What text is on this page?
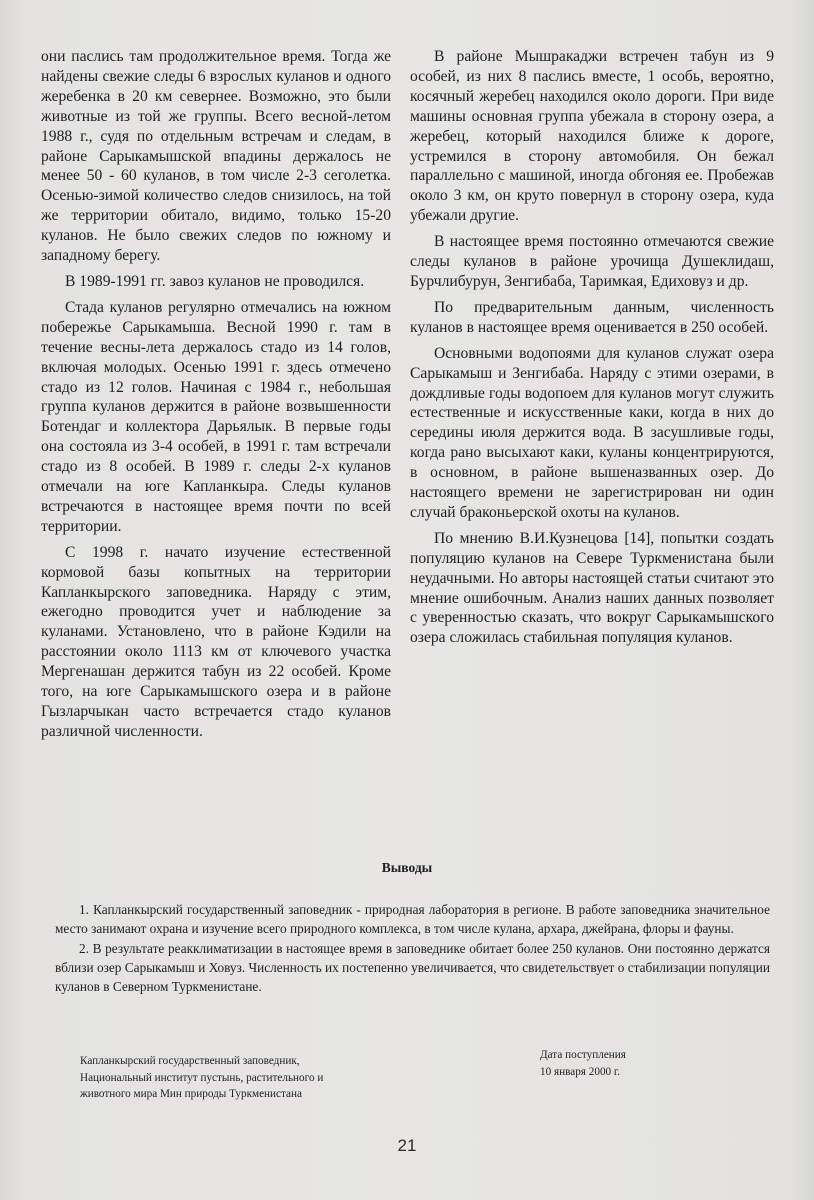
они паслись там продолжительное время. Тогда же найдены свежие следы 6 взрослых куланов и одного жеребенка в 20 км севернее. Возможно, это были животные из той же группы. Всего весной-летом 1988 г., судя по отдельным встречам и следам, в районе Сарыкамышской впадины держалось не менее 50 - 60 куланов, в том числе 2-3 сеголетка. Осенью-зимой количество следов снизилось, на той же территории обитало, видимо, только 15-20 куланов. Не было свежих следов по южному и западному берегу.

В 1989-1991 гг. завоз куланов не проводился.

Стада куланов регулярно отмечались на южном побережье Сарыкамыша. Весной 1990 г. там в течение весны-лета держалось стадо из 14 голов, включая молодых. Осенью 1991 г. здесь отмечено стадо из 12 голов. Начиная с 1984 г., небольшая группа куланов держится в районе возвышенности Ботендаг и коллектора Дарьялык. В первые годы она состояла из 3-4 особей, в 1991 г. там встречали стадо из 8 особей. В 1989 г. следы 2-х куланов отмечали на юге Капланкыра. Следы куланов встречаются в настоящее время почти по всей территории.

С 1998 г. начато изучение естественной кормовой базы копытных на территории Капланкырского заповедника. Наряду с этим, ежегодно проводится учет и наблюдение за куланами. Установлено, что в районе Кэдили на расстоянии около 1113 км от ключевого участка Мергенашан держится табун из 22 особей. Кроме того, на юге Сарыкамышского озера и в районе Гызларчыкан часто встречается стадо куланов различной численности.

В районе Мышракаджи встречен табун из 9 особей, из них 8 паслись вместе, 1 особь, вероятно, косячный жеребец находился около дороги. При виде машины основная группа убежала в сторону озера, а жеребец, который находился ближе к дороге, устремился в сторону автомобиля. Он бежал параллельно с машиной, иногда обгоняя ее. Пробежав около 3 км, он круто повернул в сторону озера, куда убежали другие.

В настоящее время постоянно отмечаются свежие следы куланов в районе урочища Душеклидаш, Бурчлибурун, Зенгибаба, Таримкая, Едиховуз и др.

По предварительным данным, численность куланов в настоящее время оценивается в 250 особей.

Основными водопоями для куланов служат озера Сарыкамыш и Зенгибаба. Наряду с этими озерами, в дождливые годы водопоем для куланов могут служить естественные и искусственные каки, когда в них до середины июля держится вода. В засушливые годы, когда рано высыхают каки, куланы концентрируются, в основном, в районе вышеназванных озер. До настоящего времени не зарегистрирован ни один случай браконьерской охоты на куланов.

По мнению В.И.Кузнецова [14], попытки создать популяцию куланов на Севере Туркменистана были неудачными. Но авторы настоящей статьи считают это мнение ошибочным. Анализ наших данных позволяет с уверенностью сказать, что вокруг Сарыкамышского озера сложилась стабильная популяция куланов.

Выводы

1. Капланкырский государственный заповедник - природная лаборатория в регионе. В работе заповедника значительное место занимают охрана и изучение всего природного комплекса, в том числе кулана, архара, джейрана, флоры и фауны.

2. В результате реакклиматизации в настоящее время в заповеднике обитает более 250 куланов. Они постоянно держатся вблизи озер Сарыкамыш и Ховуз. Численность их постепенно увеличивается, что свидетельствует о стабилизации популяции куланов в Северном Туркменистане.

Капланкырский государственный заповедник,
Национальный институт пустынь, растительного и
животного мира Мин природы Туркменистана
Дата поступления
10 января 2000 г.
21
